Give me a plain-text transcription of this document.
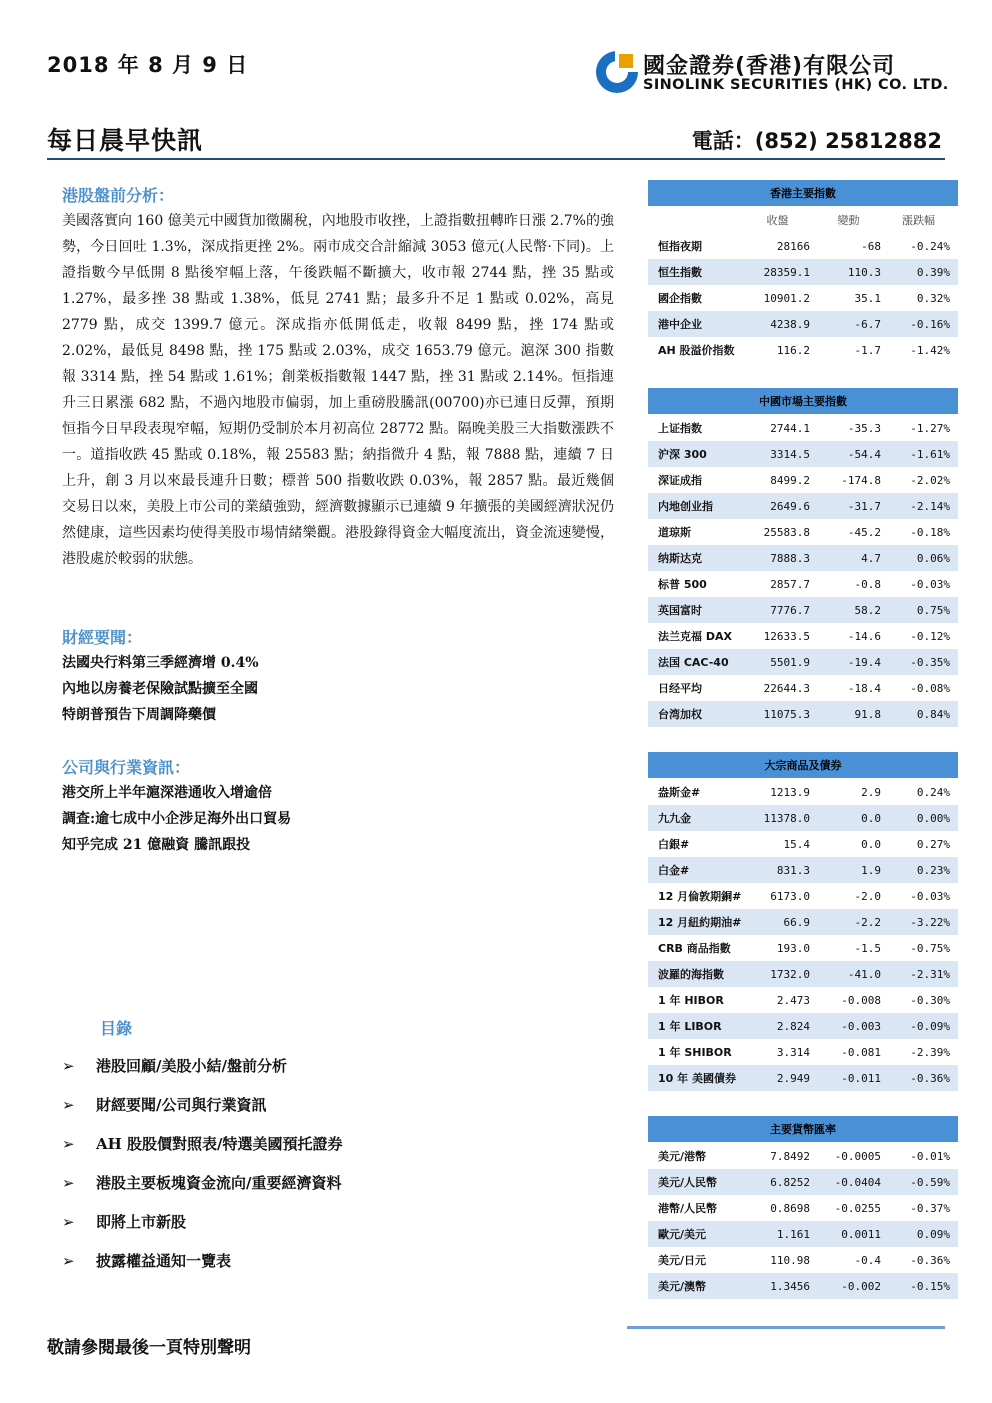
2018 年 8 月 9 日	國金證券(香港)有限公司
SINOLINK SECURITIES (HK) CO. LTD.
每日晨早快訊	電話：(852) 25812882
港股盤前分析：
美國落實向 160 億美元中國貨加徵關稅，內地股市收挫，上證指數扭轉昨日漲 2.7%的強勢，今日回吐 1.3%，深成指更挫 2%。兩市成交合計縮減 3053 億元(人民幣·下同)。上證指數今早低開 8 點後窄幅上落，午後跌幅不斷擴大，收市報 2744 點，挫 35 點或 1.27%，最多挫 38 點或 1.38%，低見 2741 點；最多升不足 1 點或 0.02%，高見 2779 點，成交 1399.7 億元。深成指亦低開低走，收報 8499 點，挫 174 點或 2.02%，最低見 8498 點，挫 175 點或 2.03%，成交 1653.79 億元。滬深 300 指數報 3314 點，挫 54 點或 1.61%；創業板指數報 1447 點，挫 31 點或 2.14%。恒指連升三日累漲 682 點，不過內地股市偏弱，加上重磅股騰訊(00700)亦已連日反彈，預期恒指今日早段表現窄幅，短期仍受制於本月初高位 28772 點。隔晚美股三大指數漲跌不一。道指收跌 45 點或 0.18%，報 25583 點；納指微升 4 點，報 7888 點，連續 7 日上升，創 3 月以來最長連升日數；標普 500 指數收跌 0.03%，報 2857 點。最近幾個交易日以來，美股上市公司的業績強勁，經濟數據顯示已連續 9 年擴張的美國經濟狀況仍然健康，這些因素均使得美股市場情緒樂觀。港股錄得資金大幅度流出，資金流速變慢，港股處於較弱的狀態。
財經要聞：
法國央行料第三季經濟增 0.4%
內地以房養老保險試點擴至全國
特朗普預告下周調降藥價
公司與行業資訊：
港交所上半年滬深港通收入增逾倍
調查:逾七成中小企涉足海外出口貿易
知乎完成 21 億融資 騰訊跟投
目錄
➢ 港股回顧/美股小結/盤前分析
➢ 財經要聞/公司與行業資訊
➢ AH 股股價對照表/特選美國預托證券
➢ 港股主要板塊資金流向/重要經濟資料
➢ 即將上市新股
➢ 披露權益通知一覽表
敬請參閱最後一頁特別聲明
香港主要指數			
	收盤	變動	漲跌幅
恒指夜期	28166	-68	-0.24%
恒生指數	28359.1	110.3	0.39%
國企指數	10901.2	35.1	0.32%
港中企业	4238.9	-6.7	-0.16%
AH 股溢价指数	116.2	-1.7	-1.42%
中國市場主要指數			
上证指数	2744.1	-35.3	-1.27%
沪深 300	3314.5	-54.4	-1.61%
深证成指	8499.2	-174.8	-2.02%
内地创业指	2649.6	-31.7	-2.14%
道琼斯	25583.8	-45.2	-0.18%
纳斯达克	7888.3	4.7	0.06%
标普 500	2857.7	-0.8	-0.03%
英国富时	7776.7	58.2	0.75%
法兰克福 DAX	12633.5	-14.6	-0.12%
法国 CAC-40	5501.9	-19.4	-0.35%
日经平均	22644.3	-18.4	-0.08%
台湾加权	11075.3	91.8	0.84%
大宗商品及債券			
盎斯金#	1213.9	2.9	0.24%
九九金	11378.0	0.0	0.00%
白銀#	15.4	0.0	0.27%
白金#	831.3	1.9	0.23%
12 月倫敦期銅#	6173.0	-2.0	-0.03%
12 月紐約期油#	66.9	-2.2	-3.22%
CRB 商品指數	193.0	-1.5	-0.75%
波羅的海指數	1732.0	-41.0	-2.31%
1 年 HIBOR	2.473	-0.008	-0.30%
1 年 LIBOR	2.824	-0.003	-0.09%
1 年 SHIBOR	3.314	-0.081	-2.39%
10 年 美國債券	2.949	-0.011	-0.36%
主要貨幣匯率			
美元/港幣	7.8492	-0.0005	-0.01%
美元/人民幣	6.8252	-0.0404	-0.59%
港幣/人民幣	0.8698	-0.0255	-0.37%
歐元/美元	1.161	0.0011	0.09%
美元/日元	110.98	-0.4	-0.36%
美元/澳幣	1.3456	-0.002	-0.15%
